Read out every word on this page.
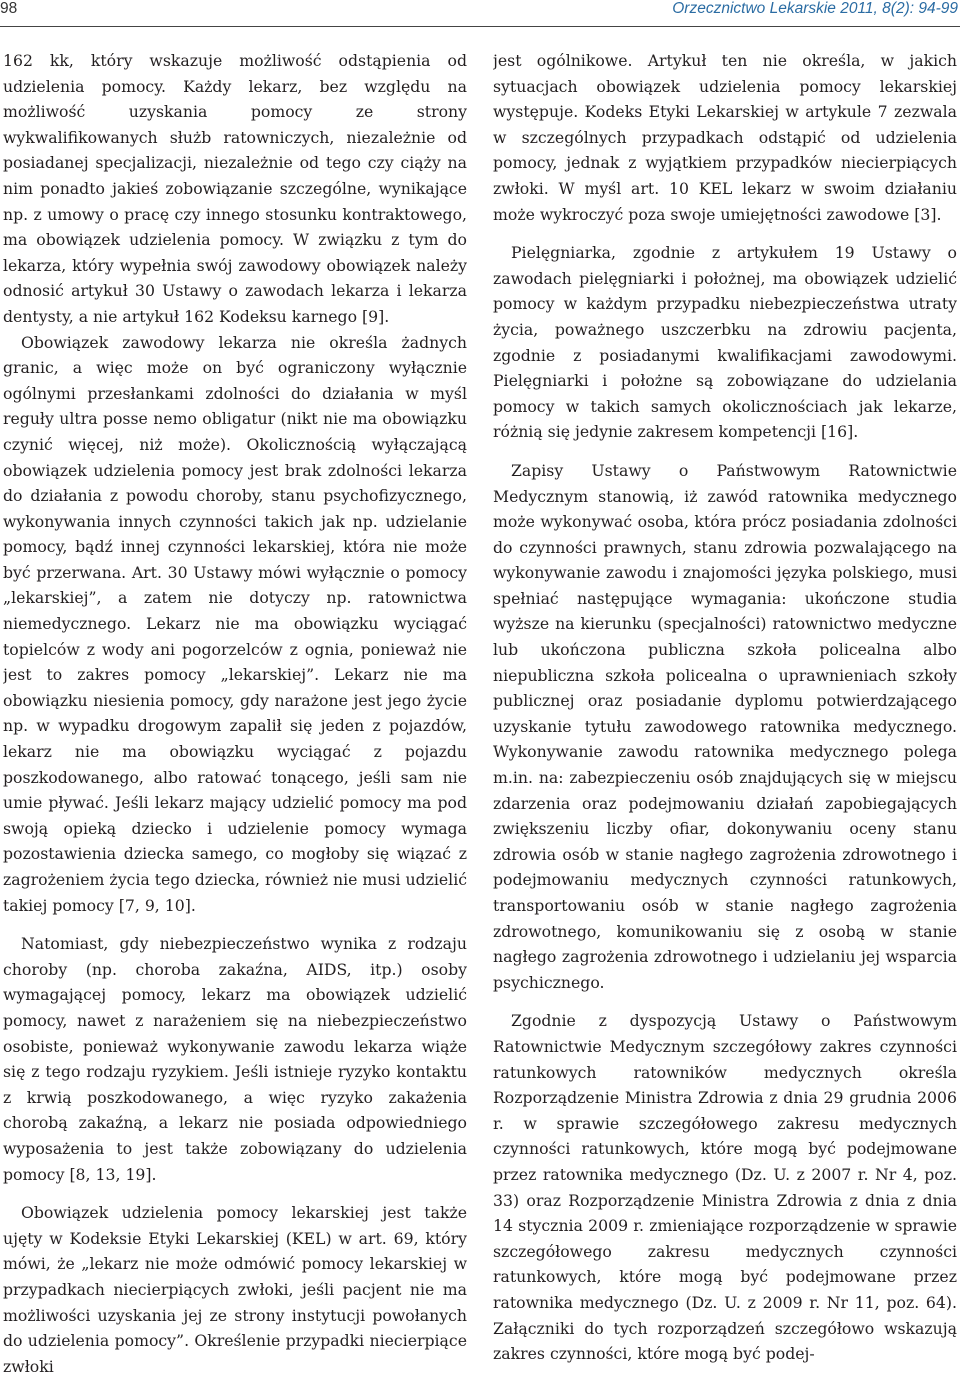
98	Orzecznictwo Lekarskie 2011, 8(2): 94-99

162 kk, który wskazuje możliwość odstąpienia od udzielenia pomocy. Każdy lekarz, bez względu na możliwość uzyskania pomocy ze strony wykwalifikowanych służb ratowniczych, niezależnie od posiadanej specjalizacji, niezależnie od tego czy ciąży na nim ponadto jakieś zobowiązanie szczególne, wynikające np. z umowy o pracę czy innego stosunku kontraktowego, ma obowiązek udzielenia pomocy. W związku z tym do lekarza, który wypełnia swój zawodowy obowiązek należy odnosić artykuł 30 Ustawy o zawodach lekarza i lekarza dentysty, a nie artykuł 162 Kodeksu karnego [9].

Obowiązek zawodowy lekarza nie określa żadnych granic, a więc może on być ograniczony wyłącznie ogólnymi przesłankami zdolności do działania w myśl reguły ultra posse nemo obligatur (nikt nie ma obowiązku czynić więcej, niż może). Okolicznością wyłączającą obowiązek udzielenia pomocy jest brak zdolności lekarza do działania z powodu choroby, stanu psychofizycznego, wykonywania innych czynności takich jak np. udzielanie pomocy, bądź innej czynności lekarskiej, która nie może być przerwana. Art. 30 Ustawy mówi wyłącznie o pomocy „lekarskiej”, a zatem nie dotyczy np. ratownictwa niemedycznego. Lekarz nie ma obowiązku wyciągać topielców z wody ani pogorzelców z ognia, ponieważ nie jest to zakres pomocy „lekarskiej”. Lekarz nie ma obowiązku niesienia pomocy, gdy narażone jest jego życie np. w wypadku drogowym zapalił się jeden z pojazdów, lekarz nie ma obowiązku wyciągać z pojazdu poszkodowanego, albo ratować tonącego, jeśli sam nie umie pływać. Jeśli lekarz mający udzielić pomocy ma pod swoją opieką dziecko i udzielenie pomocy wymaga pozostawienia dziecka samego, co mogłoby się wiązać z zagrożeniem życia tego dziecka, również nie musi udzielić takiej pomocy [7, 9, 10].

Natomiast, gdy niebezpieczeństwo wynika z rodzaju choroby (np. choroba zakaźna, AIDS, itp.) osoby wymagającej pomocy, lekarz ma obowiązek udzielić pomocy, nawet z narażeniem się na niebezpieczeństwo osobiste, ponieważ wykonywanie zawodu lekarza wiąże się z tego rodzaju ryzykiem. Jeśli istnieje ryzyko kontaktu z krwią poszkodowanego, a więc ryzyko zakażenia chorobą zakaźną, a lekarz nie posiada odpowiedniego wyposażenia to jest także zobowiązany do udzielenia pomocy [8, 13, 19].

Obowiązek udzielenia pomocy lekarskiej jest także ujęty w Kodeksie Etyki Lekarskiej (KEL) w art. 69, który mówi, że „lekarz nie może odmówić pomocy lekarskiej w przypadkach niecierpiących zwłoki, jeśli pacjent nie ma możliwości uzyskania jej ze strony instytucji powołanych do udzielenia pomocy”. Określenie przypadki niecierpiące zwłoki

jest ogólnikowe. Artykuł ten nie określa, w jakich sytuacjach obowiązek udzielenia pomocy lekarskiej występuje. Kodeks Etyki Lekarskiej w artykule 7 zezwala w szczególnych przypadkach odstąpić od udzielenia pomocy, jednak z wyjątkiem przypadków niecierpiących zwłoki. W myśl art. 10 KEL lekarz w swoim działaniu może wykroczyć poza swoje umiejętności zawodowe [3].

Pielęgniarka, zgodnie z artykułem 19 Ustawy o zawodach pielęgniarki i położnej, ma obowiązek udzielić pomocy w każdym przypadku niebezpieczeństwa utraty życia, poważnego uszczerbku na zdrowiu pacjenta, zgodnie z posiadanymi kwalifikacjami zawodowymi. Pielęgniarki i położne są zobowiązane do udzielania pomocy w takich samych okolicznościach jak lekarze, różnią się jedynie zakresem kompetencji [16].

Zapisy Ustawy o Państwowym Ratownictwie Medycznym stanowią, iż zawód ratownika medycznego może wykonywać osoba, która prócz posiadania zdolności do czynności prawnych, stanu zdrowia pozwalającego na wykonywanie zawodu i znajomości języka polskiego, musi spełniać następujące wymagania: ukończone studia wyższe na kierunku (specjalności) ratownictwo medyczne lub ukończona publiczna szkoła policealna albo niepubliczna szkoła policealna o uprawnieniach szkoły publicznej oraz posiadanie dyplomu potwierdzającego uzyskanie tytułu zawodowego ratownika medycznego. Wykonywanie zawodu ratownika medycznego polega m.in. na: zabezpieczeniu osób znajdujących się w miejscu zdarzenia oraz podejmowaniu działań zapobiegających zwiększeniu liczby ofiar, dokonywaniu oceny stanu zdrowia osób w stanie nagłego zagrożenia zdrowotnego i podejmowaniu medycznych czynności ratunkowych, transportowaniu osób w stanie nagłego zagrożenia zdrowotnego, komunikowaniu się z osobą w stanie nagłego zagrożenia zdrowotnego i udzielaniu jej wsparcia psychicznego.

Zgodnie z dyspozycją Ustawy o Państwowym Ratownictwie Medycznym szczegółowy zakres czynności ratunkowych ratowników medycznych określa Rozporządzenie Ministra Zdrowia z dnia 29 grudnia 2006 r. w sprawie szczegółowego zakresu medycznych czynności ratunkowych, które mogą być podejmowane przez ratownika medycznego (Dz. U. z 2007 r. Nr 4, poz. 33) oraz Rozporządzenie Ministra Zdrowia z dnia z dnia 14 stycznia 2009 r. zmieniające rozporządzenie w sprawie szczegółowego zakresu medycznych czynności ratunkowych, które mogą być podejmowane przez ratownika medycznego (Dz. U. z 2009 r. Nr 11, poz. 64). Załączniki do tych rozporządzeń szczegółowo wskazują zakres czynności, które mogą być podej-
